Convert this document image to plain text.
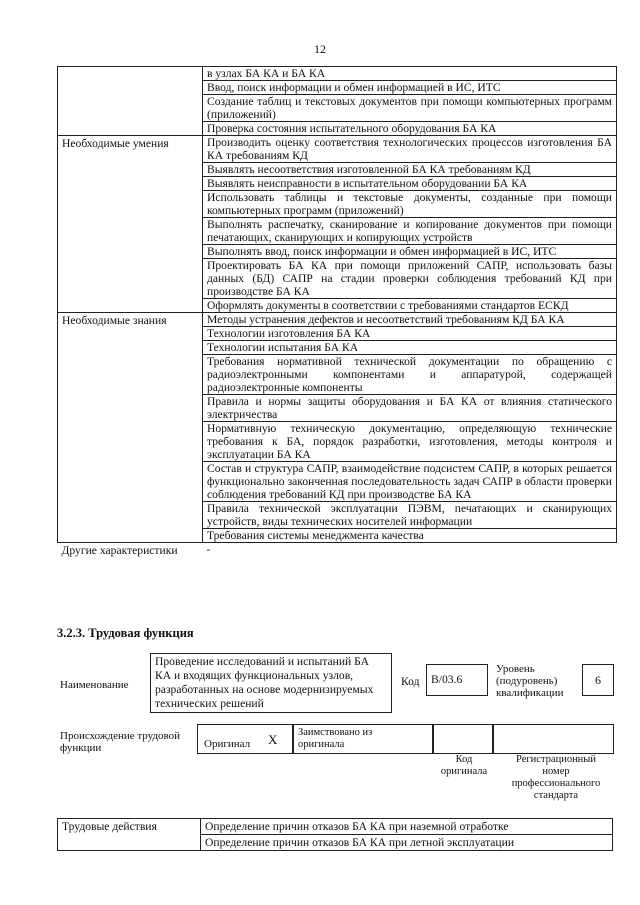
12
	в узлах БА КА и БА КА
	Ввод, поиск информации и обмен информацией в ИС, ИТС
	Создание таблиц и текстовых документов при помощи компьютерных программ (приложений)
	Проверка состояния испытательного оборудования БА КА
Необходимые умения	Производить оценку соответствия технологических процессов изготовления БА КА требованиям КД
	Выявлять несоответствия изготовленной БА КА требованиям КД
	Выявлять неисправности в испытательном оборудовании БА КА
	Использовать таблицы и текстовые документы, созданные при помощи компьютерных программ (приложений)
	Выполнять распечатку, сканирование и копирование документов при помощи печатающих, сканирующих и копирующих устройств
	Выполнять ввод, поиск информации и обмен информацией в ИС, ИТС
	Проектировать БА КА при помощи приложений САПР, использовать базы данных (БД) САПР на стадии проверки соблюдения требований КД при производстве БА КА
	Оформлять документы в соответствии с требованиями стандартов ЕСКД
Необходимые знания	Методы устранения дефектов и несоответствий требованиям КД БА КА
	Технологии изготовления БА КА
	Технологии испытания БА КА
	Требования нормативной технической документации по обращению с радиоэлектронными компонентами и аппаратурой, содержащей радиоэлектронные компоненты
	Правила и нормы защиты оборудования и БА КА от влияния статического электричества
	Нормативную техническую документацию, определяющую технические требования к БА, порядок разработки, изготовления, методы контроля и эксплуатации БА КА
	Состав и структура САПР, взаимодействие подсистем САПР, в которых решается функционально законченная последовательность задач САПР в области проверки соблюдения требований КД при производстве БА КА
	Правила технической эксплуатации ПЭВМ, печатающих и сканирующих устройств, виды технических носителей информации
	Требования системы менеджмента качества
Другие характеристики	-
3.2.3. Трудовая функция
Наименование
Проведение исследований и испытаний БА КА и входящих функциональных узлов, разработанных на основе модернизируемых технических решений
Код В/03.6
Уровень (подуровень) квалификации
6
Происхождение трудовой функции	Оригинал X Заимствовано из оригинала
Код оригинала
Регистрационный номер профессионального стандарта
Трудовые действия	Определение причин отказов БА КА при наземной отработке
Определение причин отказов БА КА при летной эксплуатации
